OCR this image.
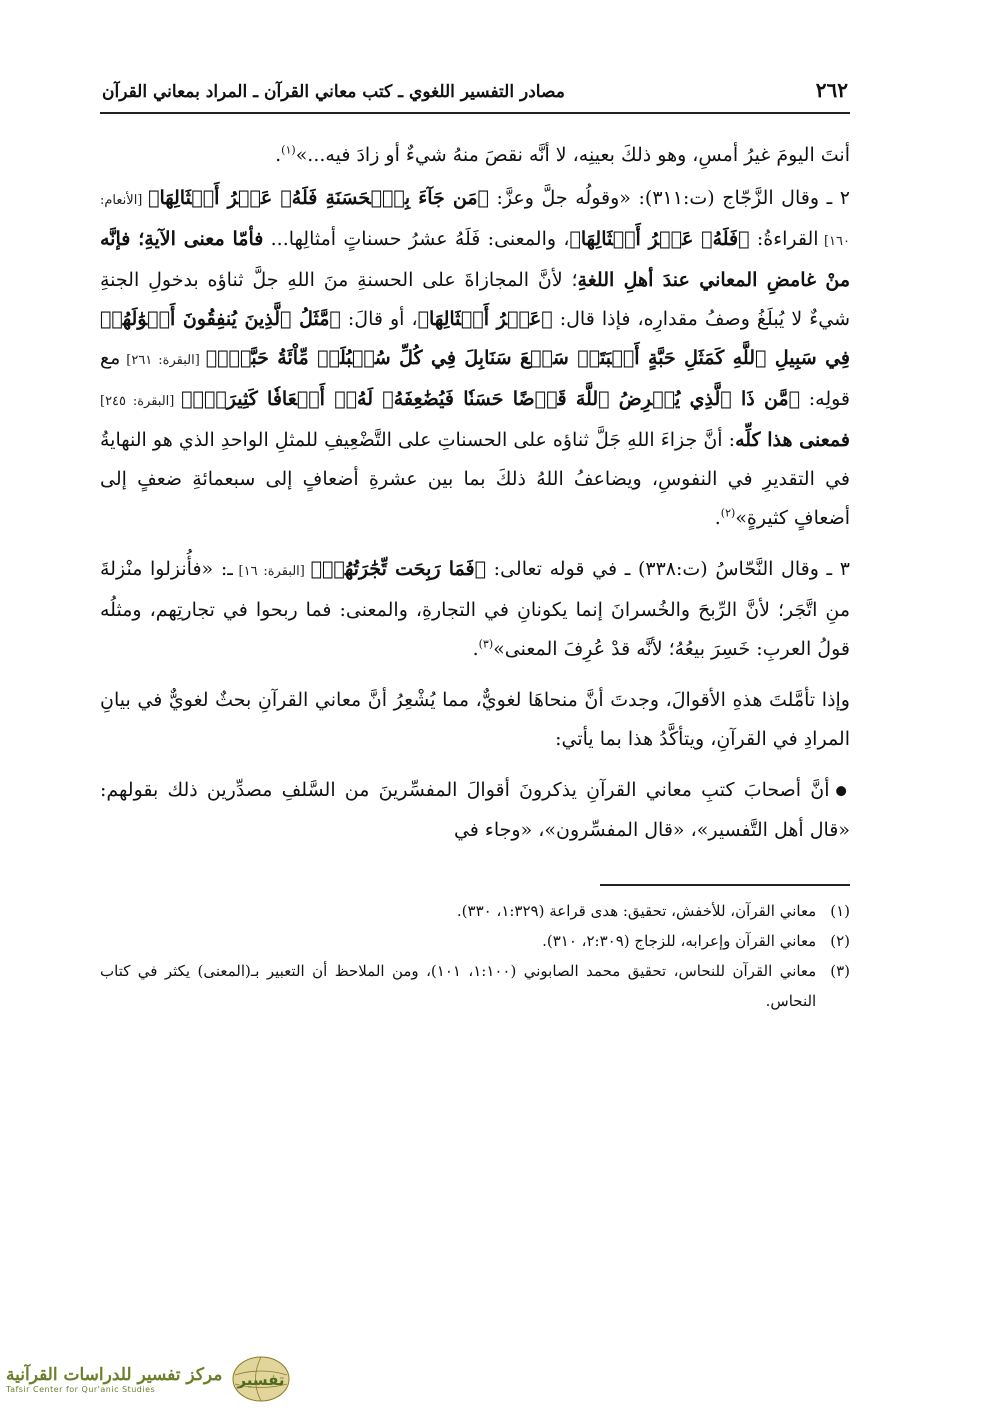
٢٦٢
مصادر التفسير اللغوي ـ كتب معاني القرآن ـ المراد بمعاني القرآن

أنتَ اليومَ غيرُ أمسِ، وهو ذلكَ بعينِه، لا أنَّه نقصَ منهُ شيءٌ أو زادَ فيه...»$^{(١)}$.

٢ ـ وقال الزَّجّاج (ت:٣١١): «وقولُه جلَّ وعزَّ: ﴿مَن جَآءَ بِٱلۡحَسَنَةِ فَلَهُۥ عَشۡرُ أَمۡثَالِهَا﴾ [الأنعام: ١٦٠] القراءةُ: ﴿فَلَهُۥ عَشۡرُ أَمۡثَالِهَا﴾، والمعنى: فَلَهُ عشرُ حسناتٍ أمثالِها... فأمّا معنى الآيةِ؛ فإنَّه منْ غامضِ المعاني عندَ أهلِ اللغةِ؛ لأنَّ المجازاةَ على الحسنةِ منَ اللهِ جلَّ ثناؤه بدخولِ الجنةِ شيءٌ لا يُبلَغُ وصفُ مقدارِه، فإذا قال: ﴿عَشۡرُ أَمۡثَالِهَا﴾، أو قالَ: ﴿مَّثَلُ ٱلَّذِينَ يُنفِقُونَ أَمۡوَٰلَهُمۡ فِي سَبِيلِ ٱللَّهِ كَمَثَلِ حَبَّةٍ أَنۢبَتَتۡ سَبۡعَ سَنَابِلَ فِي كُلِّ سُنۢبُلَةٖ مِّاْئَةُ حَبَّةٖۗ﴾ [البقرة: ٢٦١] مع قولِه: ﴿مَّن ذَا ٱلَّذِي يُقۡرِضُ ٱللَّهَ قَرۡضًا حَسَنٗا فَيُضَٰعِفَهُۥ لَهُۥٓ أَضۡعَافٗا كَثِيرَةٗۚ﴾ [البقرة: ٢٤٥] فمعنى هذا كلِّه: أنَّ جزاءَ اللهِ جَلَّ ثناؤه على الحسناتِ على التَّضْعِيفِ للمثلِ الواحدِ الذي هو النهايةُ في التقديرِ في النفوسِ، ويضاعفُ اللهُ ذلكَ بما بين عشرةِ أضعافٍ إلى سبعمائةِ ضعفٍ إلى أضعافٍ كثيرةٍ»$^{(٢)}$.

٣ ـ وقال النَّحّاسُ (ت:٣٣٨) ـ في قوله تعالى: ﴿فَمَا رَبِحَت تِّجَٰرَتُهُمۡ﴾ [البقرة: ١٦] ـ: «فأُنزلوا منْزلةَ منِ اتَّجَر؛ لأنَّ الرِّبحَ والخُسرانَ إنما يكونانِ في التجارةِ، والمعنى: فما ربحوا في تجارتِهم، ومثلُه قولُ العربِ: خَسِرَ بيعُهُ؛ لأنَّه قدْ عُرِفَ المعنى»$^{(٣)}$.

وإذا تأمَّلتَ هذهِ الأقوالَ، وجدتَ أنَّ منحاهَا لغويٌّ، مما يُشْعِرُ أنَّ معاني القرآنِ بحثٌ لغويٌّ في بيانِ المرادِ في القرآنِ، ويتأكَّدُ هذا بما يأتي:

● أنَّ أصحابَ كتبِ معاني القرآنِ يذكرونَ أقوالَ المفسِّرينَ من السَّلفِ مصدِّرين ذلك بقولهم: «قال أهل التَّفسير»، «قال المفسِّرون»، «وجاء في

(١)
معاني القرآن، للأخفش، تحقيق: هدى قراعة (١:٣٢٩، ٣٣٠).
(٢)
معاني القرآن وإعرابه، للزجاج (٢:٣٠٩، ٣١٠).
(٣)
معاني القرآن للنحاس، تحقيق محمد الصابوني (١:١٠٠، ١٠١)، ومن الملاحظ أن التعبير بـ(المعنى) يكثر في كتاب النحاس.
مركز تفسير للدراسات القرآنية
Tafsir Center for Qur'anic Studies	تفسير
